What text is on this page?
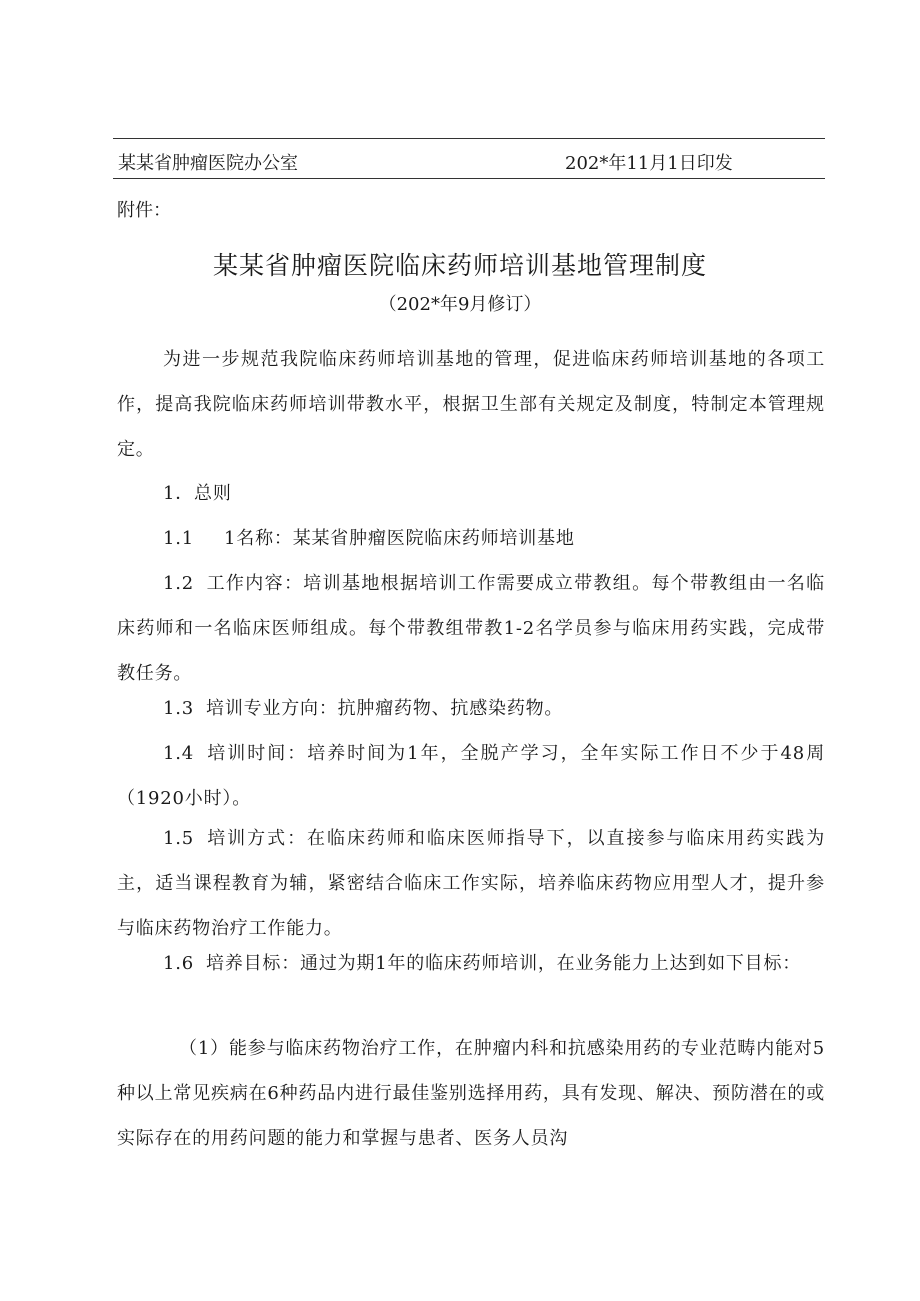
某某省肿瘤医院办公室	202*年11月1日印发
附件：
某某省肿瘤医院临床药师培训基地管理制度
（202*年9月修订）
为进一步规范我院临床药师培训基地的管理，促进临床药师培训基地的各项工作，提高我院临床药师培训带教水平，根据卫生部有关规定及制度，特制定本管理规定。
1．总则
1.1 1名称：某某省肿瘤医院临床药师培训基地
1.2 工作内容：培训基地根据培训工作需要成立带教组。每个带教组由一名临床药师和一名临床医师组成。每个带教组带教1-2名学员参与临床用药实践，完成带教任务。
1.3 培训专业方向：抗肿瘤药物、抗感染药物。
1.4 培训时间：培养时间为1年，全脱产学习，全年实际工作日不少于48周（1920小时）。
1.5 培训方式：在临床药师和临床医师指导下，以直接参与临床用药实践为主，适当课程教育为辅，紧密结合临床工作实际，培养临床药物应用型人才，提升参与临床药物治疗工作能力。
1.6 培养目标：通过为期1年的临床药师培训，在业务能力上达到如下目标：
（1）能参与临床药物治疗工作，在肿瘤内科和抗感染用药的专业范畴内能对5种以上常见疾病在6种药品内进行最佳鉴别选择用药，具有发现、解决、预防潜在的或实际存在的用药问题的能力和掌握与患者、医务人员沟
